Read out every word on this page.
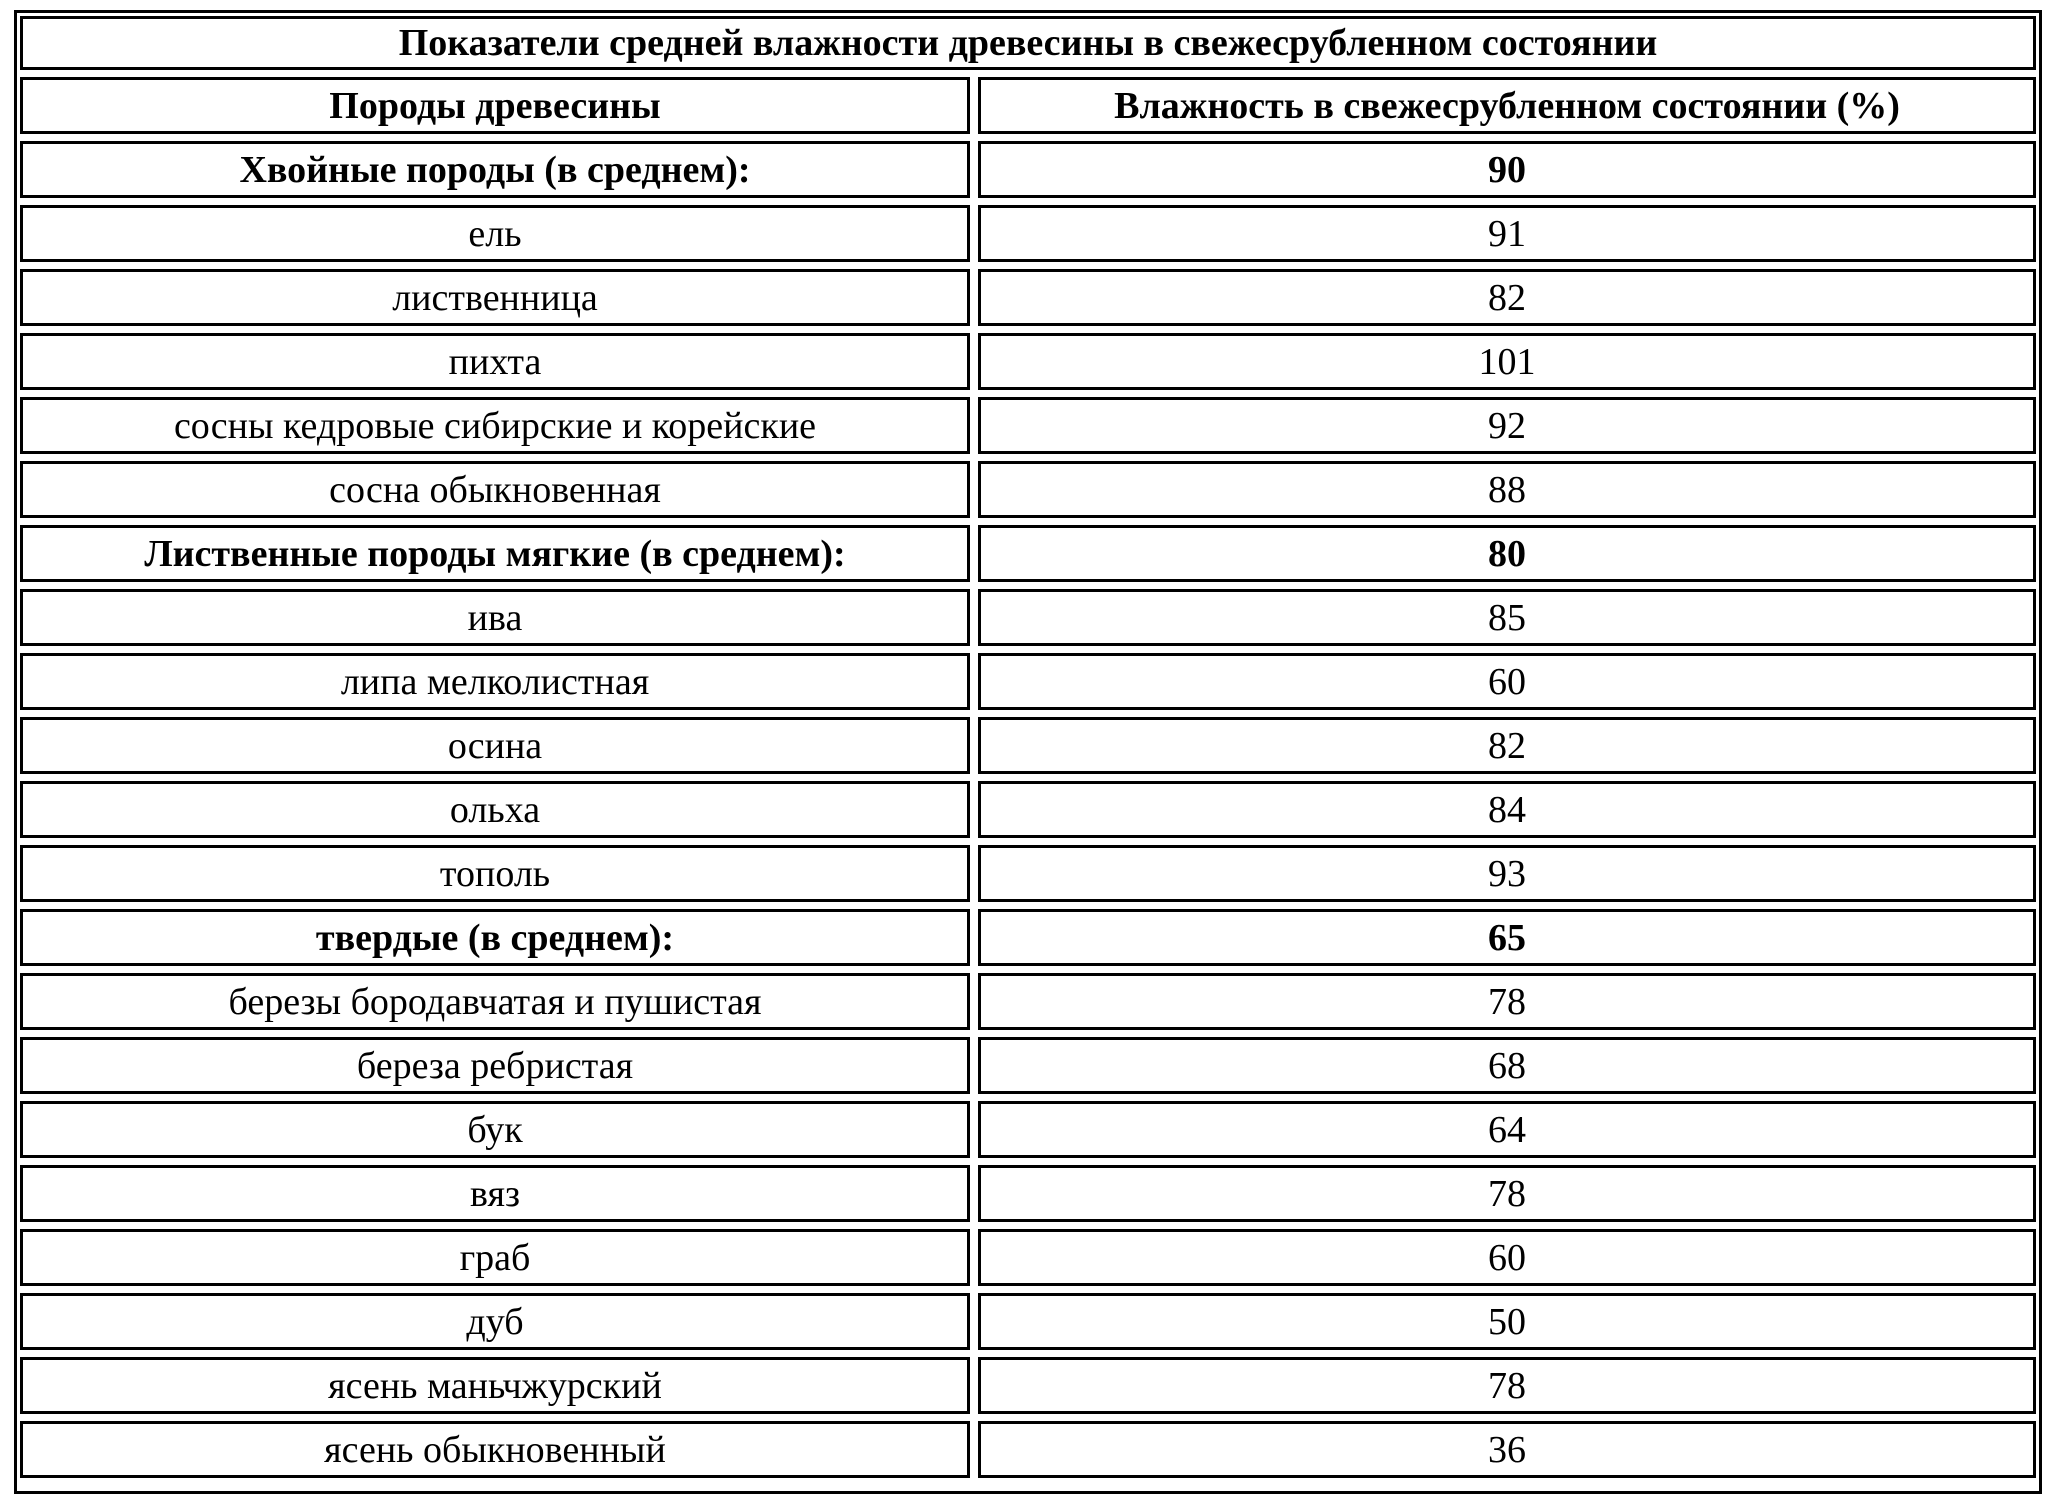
Показатели средней влажности древесины в свежесрубленном состоянии
Породы древесины	Влажность в свежесрубленном состоянии (%)
Хвойные породы (в среднем):	90
ель	91
лиственница	82
пихта	101
сосны кедровые сибирские и корейские	92
сосна обыкновенная	88
Лиственные породы мягкие (в среднем):	80
ива	85
липа мелколистная	60
осина	82
ольха	84
тополь	93
твердые (в среднем):	65
березы бородавчатая и пушистая	78
береза ребристая	68
бук	64
вяз	78
граб	60
дуб	50
ясень маньчжурский	78
ясень обыкновенный	36
